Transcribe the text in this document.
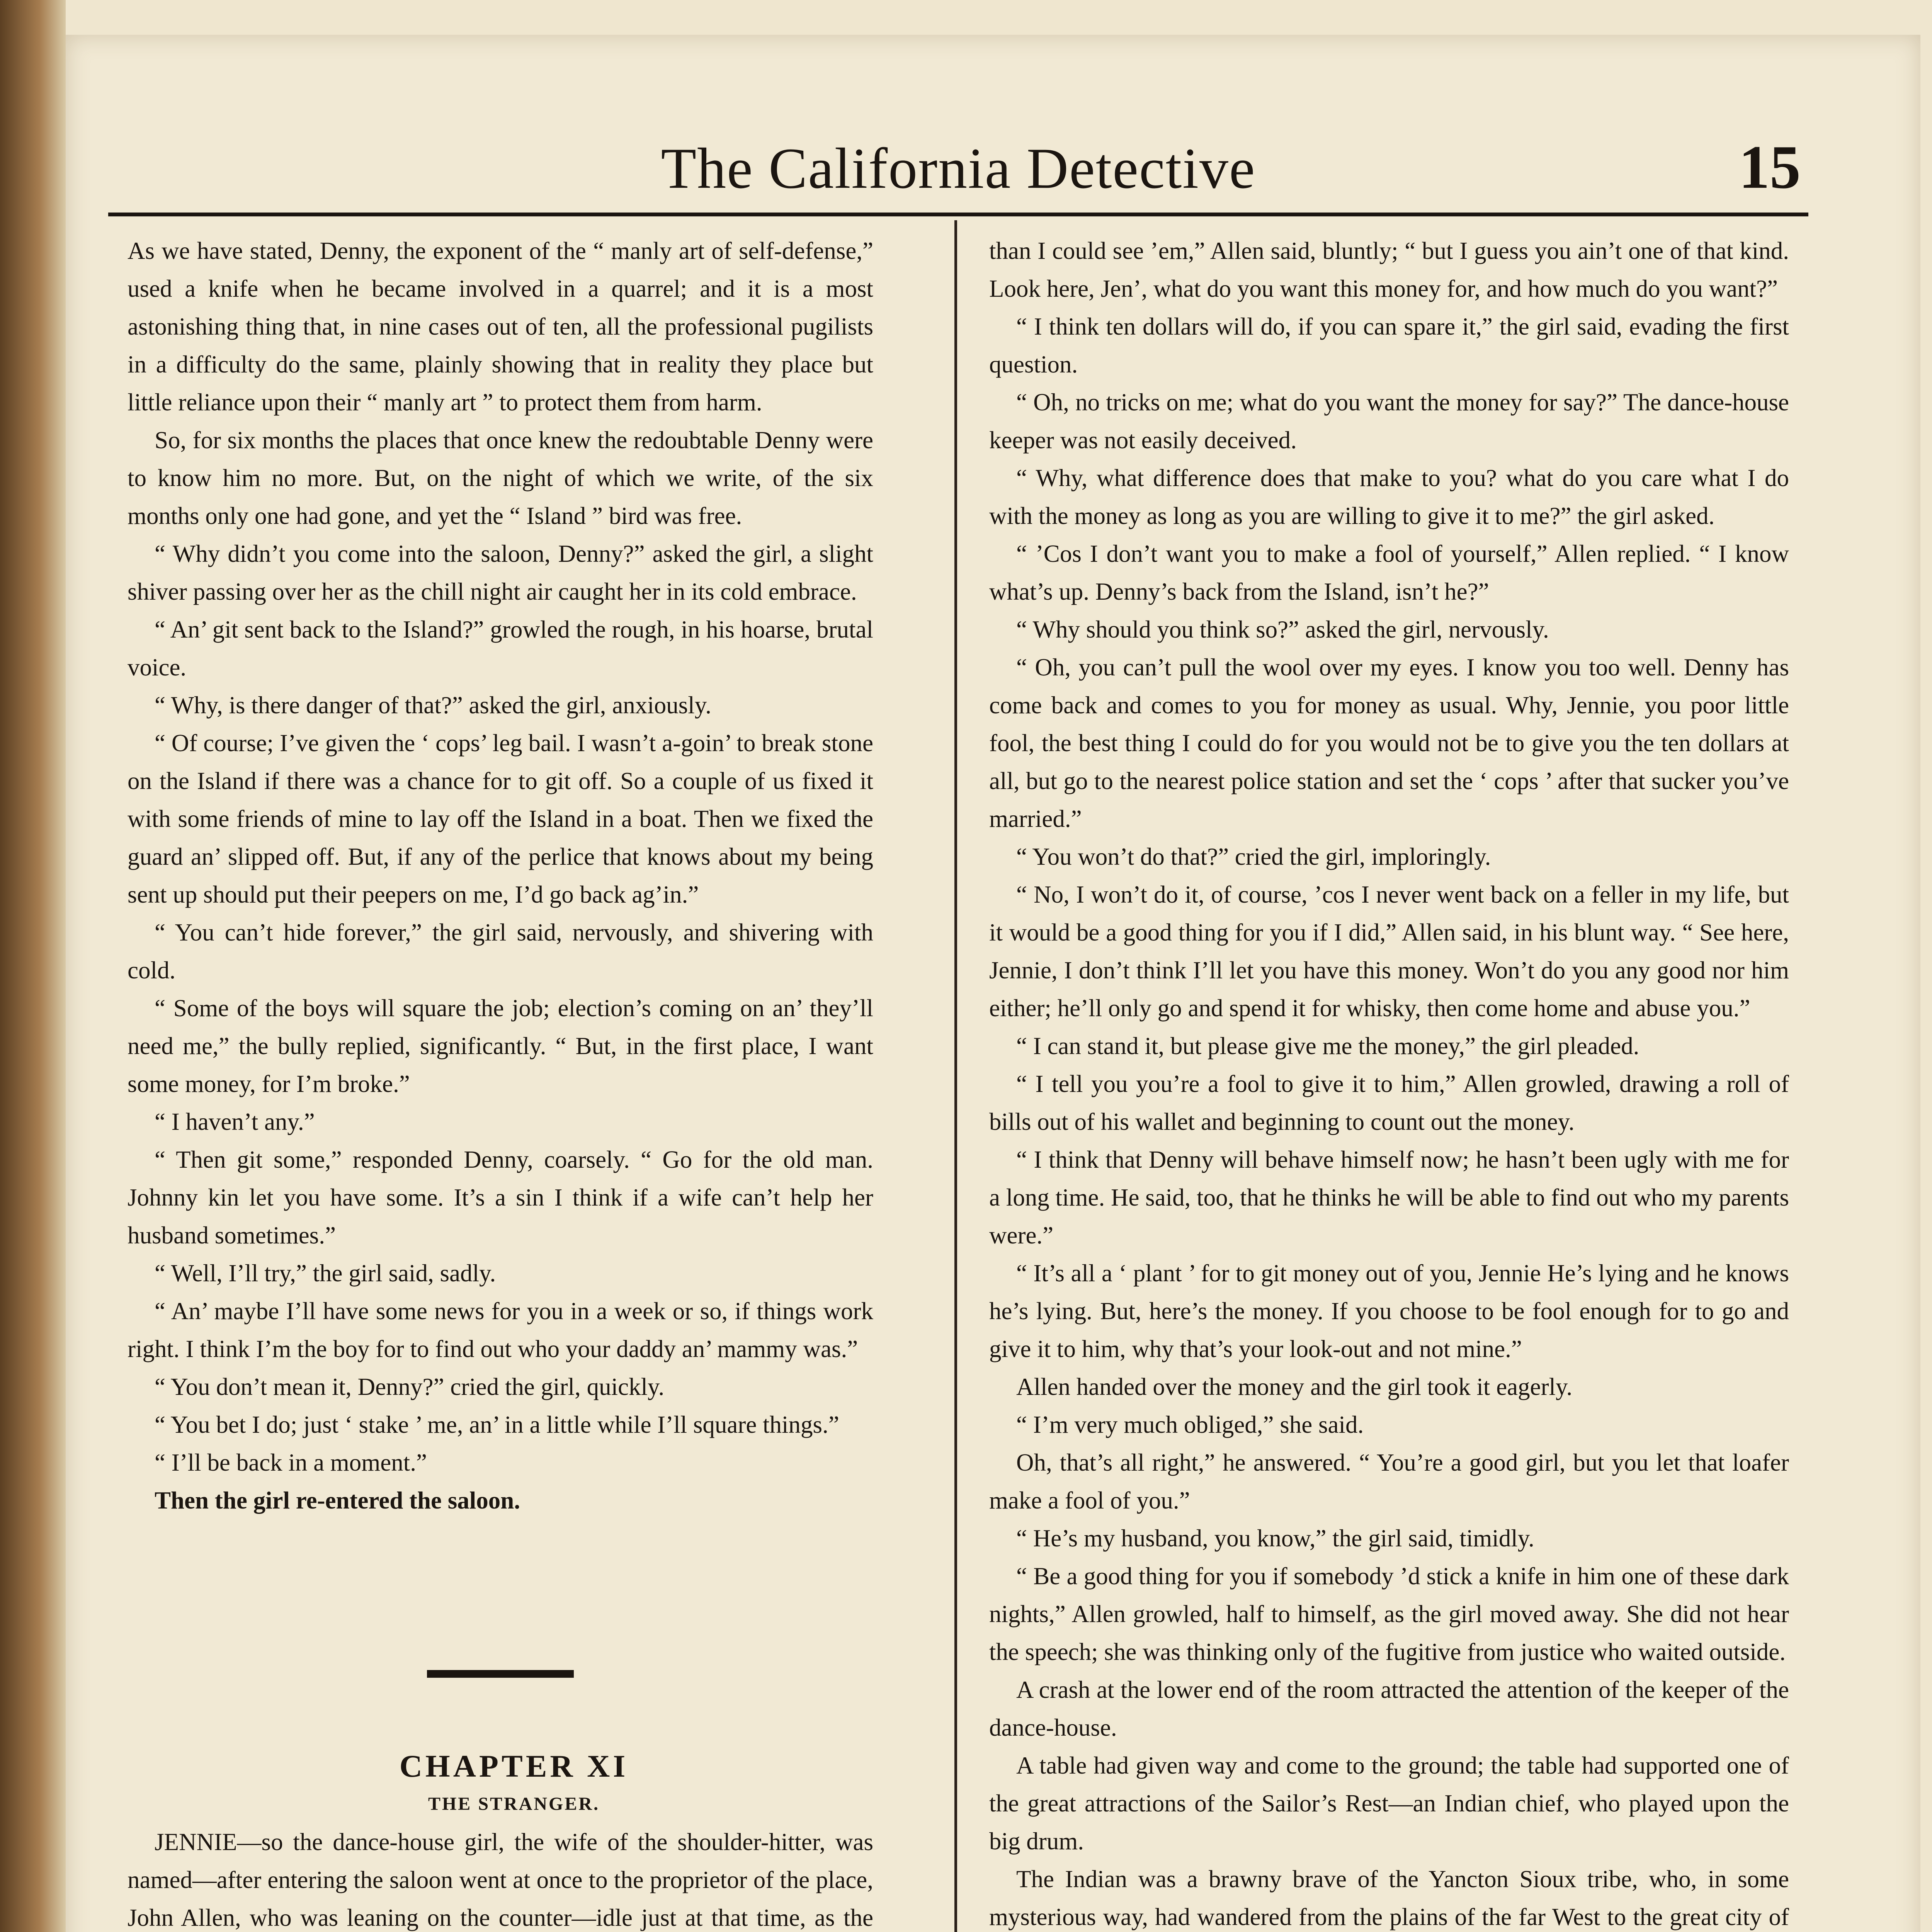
The California Detective	15

As we have stated, Denny, the exponent of the “ manly art of self-defense,” used a knife when he became involved in a quarrel; and it is a most astonishing thing that, in nine cases out of ten, all the professional pugilists in a difficulty do the same, plainly showing that in reality they place but little reliance upon their “ manly art ” to protect them from harm.

So, for six months the places that once knew the redoubtable Denny were to know him no more. But, on the night of which we write, of the six months only one had gone, and yet the “ Island ” bird was free.

“ Why didn’t you come into the saloon, Denny?” asked the girl, a slight shiver passing over her as the chill night air caught her in its cold embrace.

“ An’ git sent back to the Island?” growled the rough, in his hoarse, brutal voice.

“ Why, is there danger of that?” asked the girl, anxiously.

“ Of course; I’ve given the ‘ cops’ leg bail. I wasn’t a-goin’ to break stone on the Island if there was a chance for to git off. So a couple of us fixed it with some friends of mine to lay off the Island in a boat. Then we fixed the guard an’ slipped off. But, if any of the perlice that knows about my being sent up should put their peepers on me, I’d go back ag’in.”

“ You can’t hide forever,” the girl said, nervously, and shivering with cold.

“ Some of the boys will square the job; election’s coming on an’ they’ll need me,” the bully replied, significantly. “ But, in the first place, I want some money, for I’m broke.”

“ I haven’t any.”

“ Then git some,” responded Denny, coarsely. “ Go for the old man. Johnny kin let you have some. It’s a sin I think if a wife can’t help her husband sometimes.”

“ Well, I’ll try,” the girl said, sadly.

“ An’ maybe I’ll have some news for you in a week or so, if things work right. I think I’m the boy for to find out who your daddy an’ mammy was.”

“ You don’t mean it, Denny?” cried the girl, quickly.

“ You bet I do; just ‘ stake ’ me, an’ in a little while I’ll square things.”

“ I’ll be back in a moment.”

Then the girl re-entered the saloon.

CHAPTER XI

THE STRANGER.

JENNIE—so the dance-house girl, the wife of the shoulder-hitter, was named—after entering the saloon went at once to the proprietor of the place, John Allen, who was leaning on the counter—idle just at that time, as the

than I could see ’em,” Allen said, bluntly; “ but I guess you ain’t one of that kind. Look here, Jen’, what do you want this money for, and how much do you want?”

“ I think ten dollars will do, if you can spare it,” the girl said, evading the first question.

“ Oh, no tricks on me; what do you want the money for say?” The dance-house keeper was not easily deceived.

“ Why, what difference does that make to you? what do you care what I do with the money as long as you are willing to give it to me?” the girl asked.

“ ’Cos I don’t want you to make a fool of yourself,” Allen replied. “ I know what’s up. Denny’s back from the Island, isn’t he?”

“ Why should you think so?” asked the girl, nervously.

“ Oh, you can’t pull the wool over my eyes. I know you too well. Denny has come back and comes to you for money as usual. Why, Jennie, you poor little fool, the best thing I could do for you would not be to give you the ten dollars at all, but go to the nearest police station and set the ‘ cops ’ after that sucker you’ve married.”

“ You won’t do that?” cried the girl, imploringly.

“ No, I won’t do it, of course, ’cos I never went back on a feller in my life, but it would be a good thing for you if I did,” Allen said, in his blunt way. “ See here, Jennie, I don’t think I’ll let you have this money. Won’t do you any good nor him either; he’ll only go and spend it for whisky, then come home and abuse you.”

“ I can stand it, but please give me the money,” the girl pleaded.

“ I tell you you’re a fool to give it to him,” Allen growled, drawing a roll of bills out of his wallet and beginning to count out the money.

“ I think that Denny will behave himself now; he hasn’t been ugly with me for a long time. He said, too, that he thinks he will be able to find out who my parents were.”

“ It’s all a ‘ plant ’ for to git money out of you, Jennie He’s lying and he knows he’s lying. But, here’s the money. If you choose to be fool enough for to go and give it to him, why that’s your look-out and not mine.”

Allen handed over the money and the girl took it eagerly.

“ I’m very much obliged,” she said.

Oh, that’s all right,” he answered. “ You’re a good girl, but you let that loafer make a fool of you.”

“ He’s my husband, you know,” the girl said, timidly.

“ Be a good thing for you if somebody ’d stick a knife in him one of these dark nights,” Allen growled, half to himself, as the girl moved away. She did not hear the speech; she was thinking only of the fugitive from justice who waited outside.

A crash at the lower end of the room attracted the attention of the keeper of the dance-house.

A table had given way and come to the ground; the table had supported one of the great attractions of the Sailor’s Rest—an Indian chief, who played upon the big drum.

The Indian was a brawny brave of the Yancton Sioux tribe, who, in some mysterious way, had wandered from the plains of the far West to the great city of
